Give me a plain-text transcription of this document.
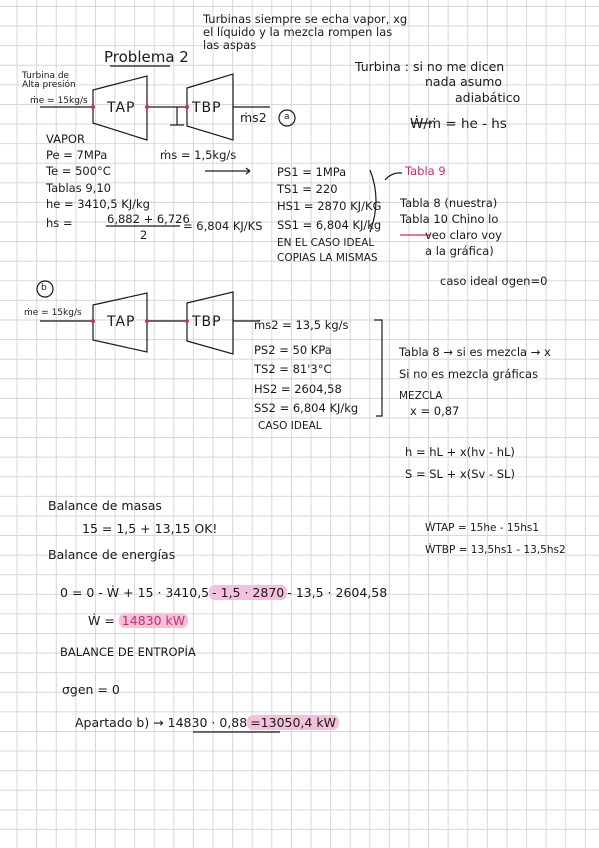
Turbinas siempre se echa vapor, xg
el líquido y la mezcla rompen las
las aspas
Problema 2
Turbina : si no me dicen
nada asumo
adiabático
Ẇ/ṁ = he - hs
Turbina de
Alta presión
ṁe = 15kg/s TAP	TBP
ṁs2 a
ṁs = 1,5kg/s
VAPOR
Pe = 7MPa
Te = 500°C
Tablas 9,10
he = 3410,5 KJ/kg
hs =	6,882 + 6,726
2
= 6,804 KJ/KS
PS1 = 1MPa
TS1 = 220
HS1 = 2870 KJ/KG
SS1 = 6,804 KJ/kg
EN EL CASO IDEAL
COPIAS LA MISMAS
Tabla 9
Tabla 8 (nuestra)
Tabla 10 Chino lo
veo claro voy
a la gráfica)
caso ideal σgen=0
b
ṁe = 15kg/s
TAP	TBP	ṁs2 = 13,5 kg/s
PS2 = 50 KPa
TS2 = 81'3°C
HS2 = 2604,58
SS2 = 6,804 KJ/kg
CASO IDEAL
Tabla 8 → si es mezcla → x
Si no es mezcla gráficas
MEZCLA
x = 0,87
h = hL + x(hv - hL)
S = SL + x(Sv - SL)
Balance de masas
15 = 1,5 + 13,15 OK!	ẆTAP = 15he - 15hs1
ẆTBP = 13,5hs1 - 13,5hs2
Balance de energías
0 = 0 - Ẇ + 15 · 3410,5 - 1,5 · 2870 - 13,5 · 2604,58
Ẇ = 14830 kW
BALANCE DE ENTROPÍA
σgen = 0
Apartado b) → 14830 · 0,88 =13050,4 kW
